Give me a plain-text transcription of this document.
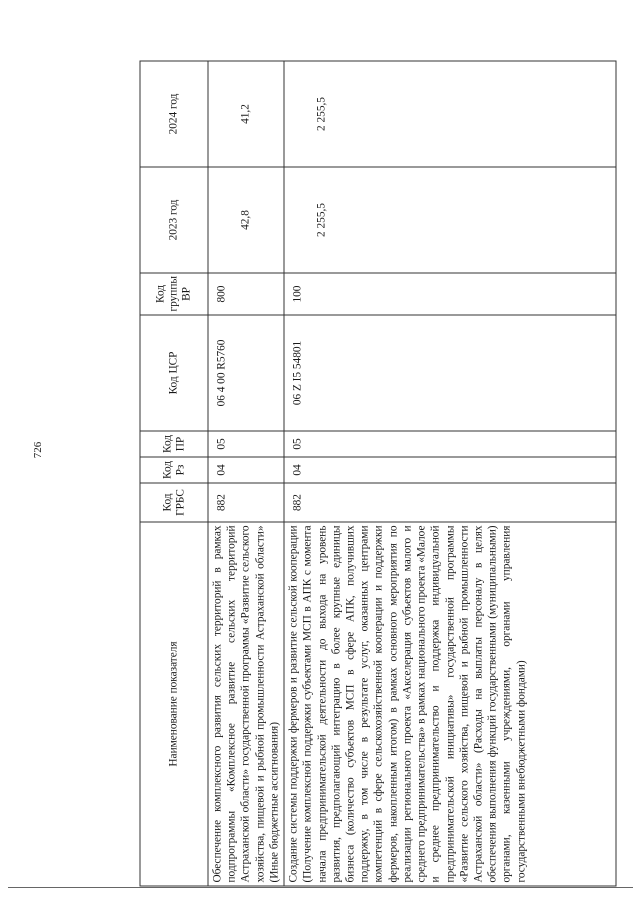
726
Наименование показателя	Код ГРБС	Код Рз	Код ПР	Код ЦСР	Код группы ВР	2023 год	2024 год
Обеспечение комплексного развития сельских территорий в рамках подпрограммы «Комплексное развитие сельских территорий Астраханской области» государственной программы «Развитие сельского хозяйства, пищевой и рыбной промышленности Астраханской области» (Иные бюджетные ассигнования)	882	04	05	06 4 00 R5760	800	42,8	41,2
Создание системы поддержки фермеров и развитие сельской кооперации (Получение комплексной поддержки субъектами МСП в АПК с момента начала предпринимательской деятельности до выхода на уровень развития, предполагающий интеграцию в более крупные единицы бизнеса (количество субъектов МСП в сфере АПК, получивших поддержку, в том числе в результате услуг, оказанных центрами компетенций в сфере сельскохозяйственной кооперации и поддержки фермеров, накопленным итогом) в рамках основного мероприятия по реализации регионального проекта «Акселерация субъектов малого и среднего предпринимательства» в рамках национального проекта «Малое и среднее предпринимательство и поддержка индивидуальной предпринимательской инициативы» государственной программы «Развитие сельского хозяйства, пищевой и рыбной промышленности Астраханской области» (Расходы на выплаты персоналу в целях обеспечения выполнения функций государственными (муниципальными) органами, казенными учреждениями, органами управления государственными внебюджетными фондами)	882	04	05	06 Z I5 54801	100	2 255,5	2 255,5
